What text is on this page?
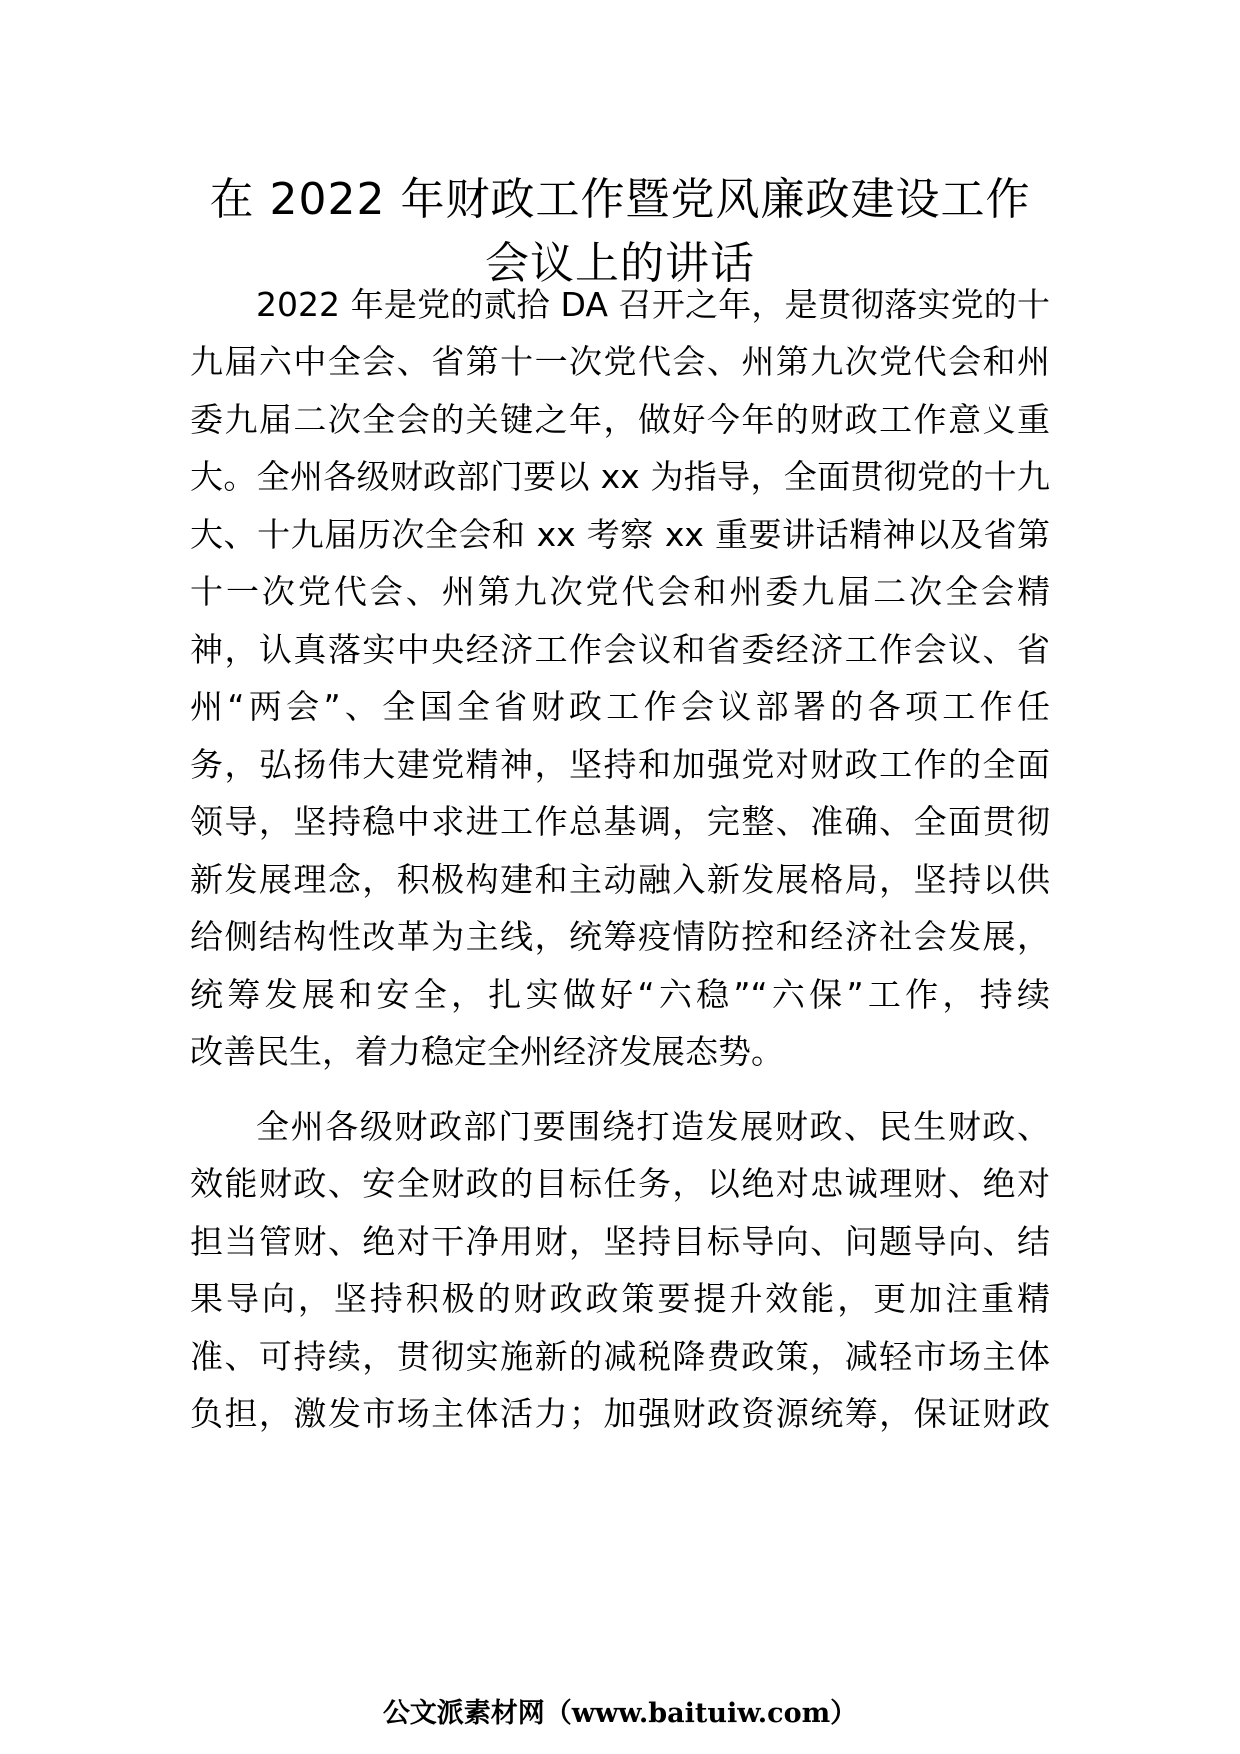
在 2022 年财政工作暨党风廉政建设工作
会议上的讲话
2022 年是党的贰拾 DA 召开之年，是贯彻落实党的十
九届六中全会、省第十一次党代会、州第九次党代会和州
委九届二次全会的关键之年，做好今年的财政工作意义重
大。全州各级财政部门要以 xx 为指导，全面贯彻党的十九
大、十九届历次全会和 xx 考察 xx 重要讲话精神以及省第
十一次党代会、州第九次党代会和州委九届二次全会精
神，认真落实中央经济工作会议和省委经济工作会议、省
州“两会”、全国全省财政工作会议部署的各项工作任
务，弘扬伟大建党精神，坚持和加强党对财政工作的全面
领导，坚持稳中求进工作总基调，完整、准确、全面贯彻
新发展理念，积极构建和主动融入新发展格局，坚持以供
给侧结构性改革为主线，统筹疫情防控和经济社会发展，
统筹发展和安全，扎实做好“六稳”“六保”工作，持续
改善民生，着力稳定全州经济发展态势。
全州各级财政部门要围绕打造发展财政、民生财政、
效能财政、安全财政的目标任务，以绝对忠诚理财、绝对
担当管财、绝对干净用财，坚持目标导向、问题导向、结
果导向，坚持积极的财政政策要提升效能，更加注重精
准、可持续，贯彻实施新的减税降费政策，减轻市场主体
负担，激发市场主体活力；加强财政资源统筹，保证财政
公文派素材网（www.baituiw.com）
